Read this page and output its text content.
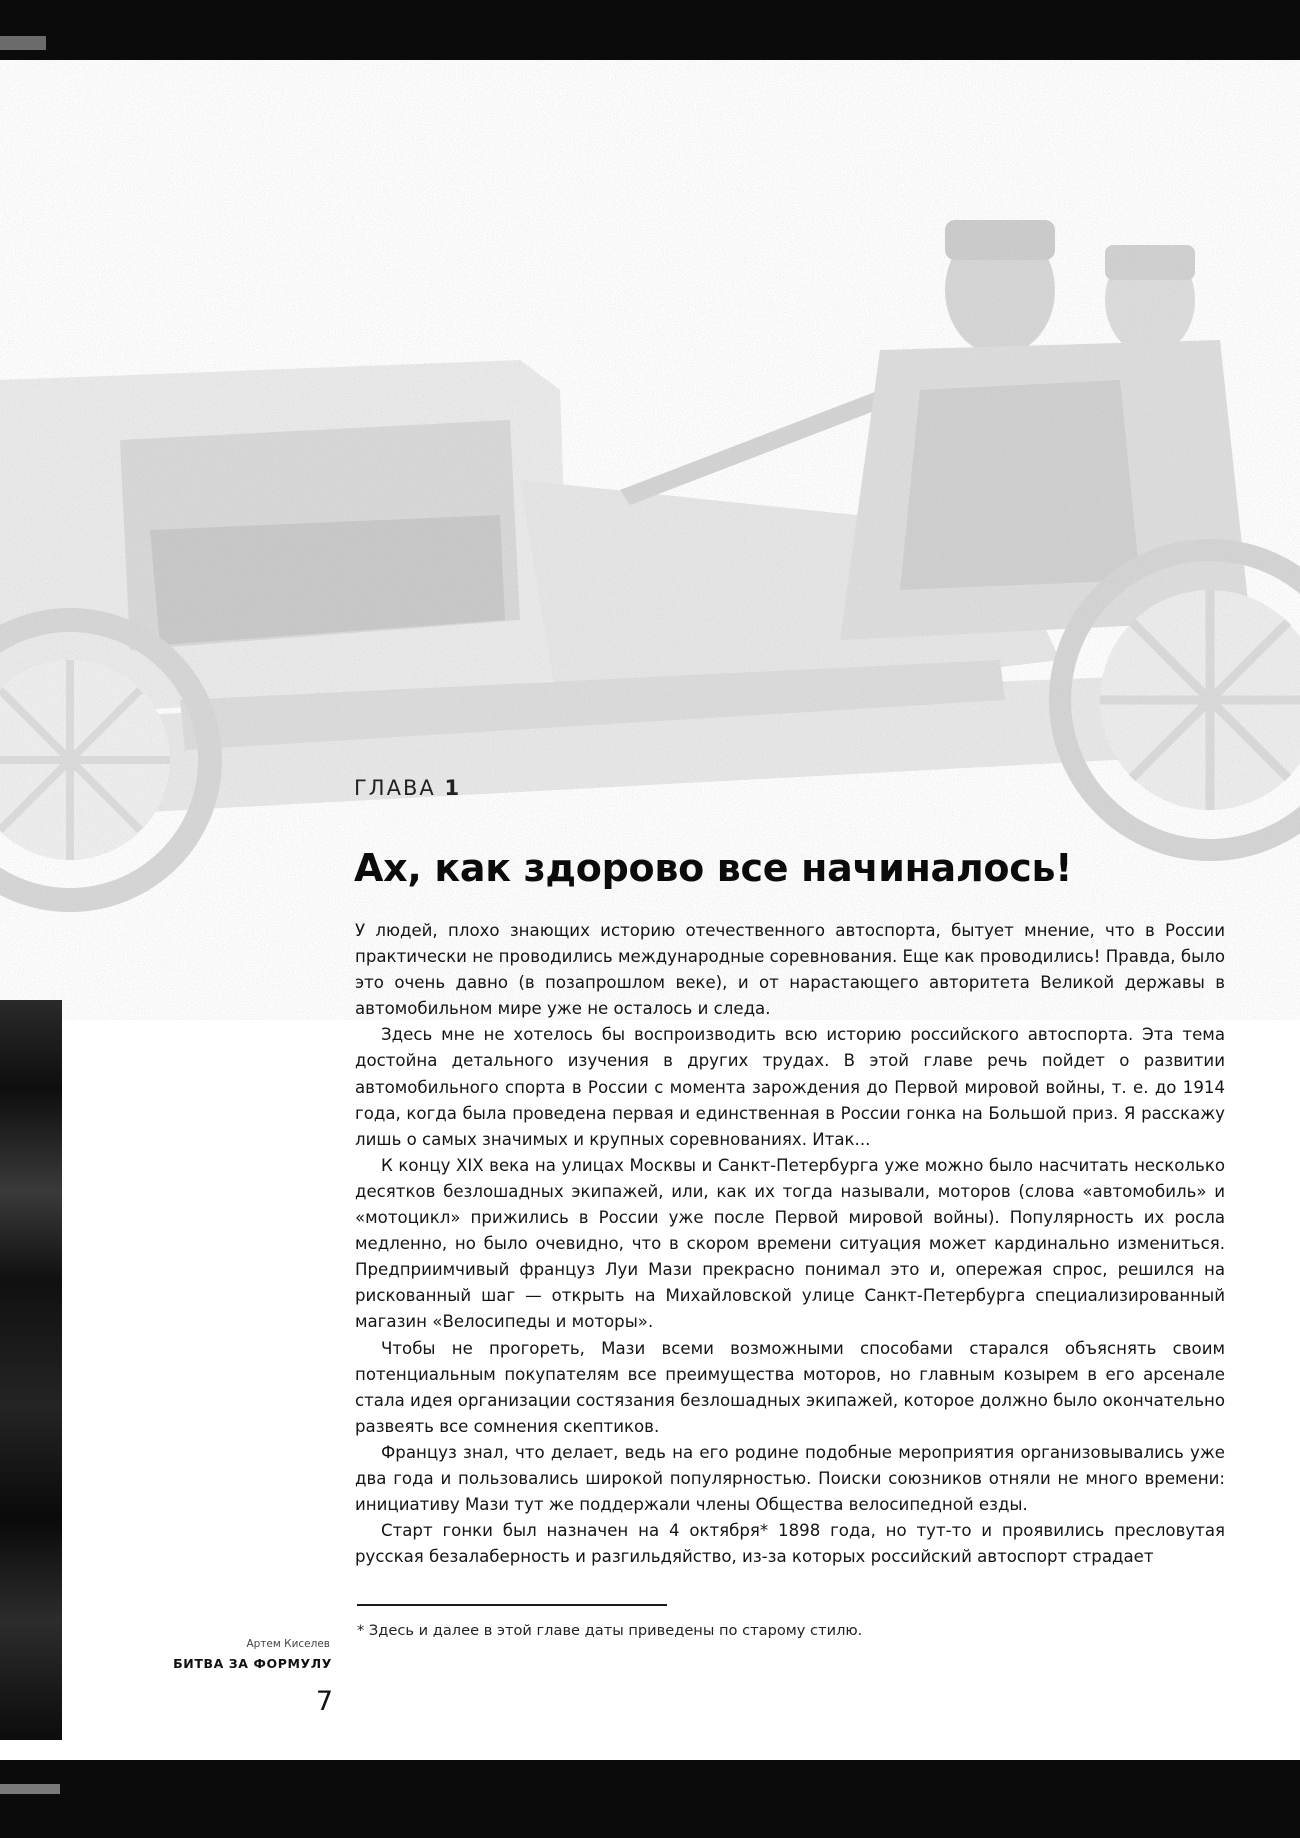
ГЛАВА 1
Ах, как здорово все начиналось!

У людей, плохо знающих историю отечественного автоспорта, бытует мнение, что в России практически не проводились международные соревнования. Еще как проводились! Правда, было это очень давно (в позапрошлом веке), и от нарастающего авторитета Великой державы в автомобильном мире уже не осталось и следа.

Здесь мне не хотелось бы воспроизводить всю историю российского автоспорта. Эта тема достойна детального изучения в других трудах. В этой главе речь пойдет о развитии автомобильного спорта в России с момента зарождения до Первой мировой войны, т. е. до 1914 года, когда была проведена первая и единственная в России гонка на Большой приз. Я расскажу лишь о самых значимых и крупных соревнованиях. Итак...

К концу XIX века на улицах Москвы и Санкт-Петербурга уже можно было насчитать несколько десятков безлошадных экипажей, или, как их тогда называли, моторов (слова «автомобиль» и «мотоцикл» прижились в России уже после Первой мировой войны). Популярность их росла медленно, но было очевидно, что в скором времени ситуация может кардинально измениться. Предприимчивый француз Луи Мази прекрасно понимал это и, опережая спрос, решился на рискованный шаг — открыть на Михайловской улице Санкт-Петербурга специализированный магазин «Велосипеды и моторы».

Чтобы не прогореть, Мази всеми возможными способами старался объяснять своим потенциальным покупателям все преимущества моторов, но главным козырем в его арсенале стала идея организации состязания безлошадных экипажей, которое должно было окончательно развеять все сомнения скептиков.

Француз знал, что делает, ведь на его родине подобные мероприятия организовывались уже два года и пользовались широкой популярностью. Поиски союзников отняли не много времени: инициативу Мази тут же поддержали члены Общества велосипедной езды.

Старт гонки был назначен на 4 октября* 1898 года, но тут-то и проявились пресловутая русская безалаберность и разгильдяйство, из-за которых российский автоспорт страдает

* Здесь и далее в этой главе даты приведены по старому стилю.
Артем Киселев
БИТВА ЗА ФОРМУЛУ
7
